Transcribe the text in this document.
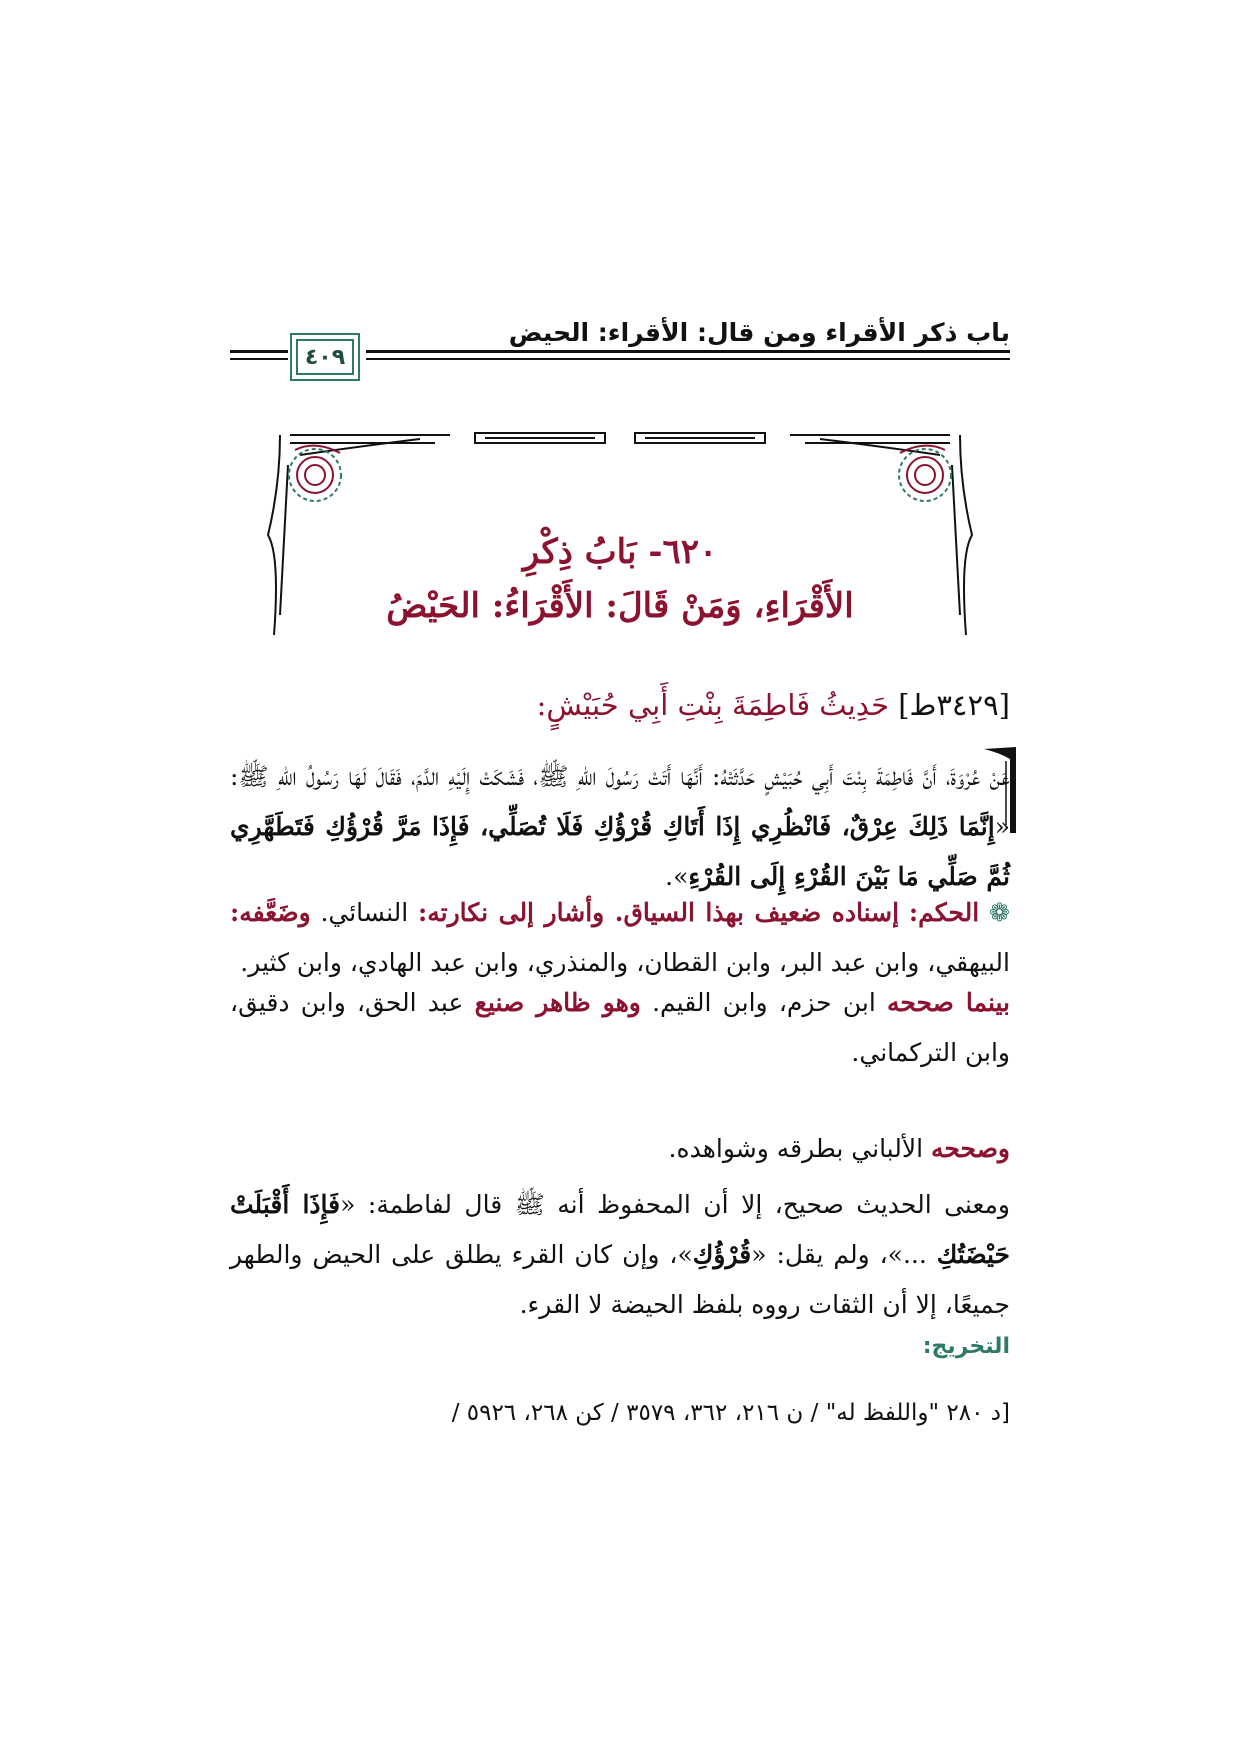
باب ذكر الأقراء ومن قال: الأقراء: الحيض
٤٠٩
٦٢٠- بَابُ ذِكْرِ
الأَقْرَاءِ، وَمَنْ قَالَ: الأَقْرَاءُ: الحَيْضُ
[٣٤٢٩ط] حَدِيثُ فَاطِمَةَ بِنْتِ أَبِي حُبَيْشٍ:
عَنْ عُرْوَةَ، أَنَّ فَاطِمَةَ بِنْتَ أَبِي حُبَيْشٍ حَدَّثَتْهُ: أَنَّهَا أَتَتْ رَسُولَ اللهِ ﷺ، فَشَكَتْ إِلَيْهِ الدَّمَ، فَقَالَ لَهَا رَسُولُ اللهِ ﷺ: «إِنَّمَا ذَلِكَ عِرْقٌ، فَانْظُرِي إِذَا أَتَاكِ قُرْؤُكِ فَلَا تُصَلِّي، فَإِذَا مَرَّ قُرْؤُكِ فَتَطَهَّرِي ثُمَّ صَلِّي مَا بَيْنَ القُرْءِ إِلَى القُرْءِ».
❁ الحكم: إسناده ضعيف بهذا السياق. وأشار إلى نكارته: النسائي. وضَعَّفه: البيهقي، وابن عبد البر، وابن القطان، والمنذري، وابن عبد الهادي، وابن كثير.
بينما صححه ابن حزم، وابن القيم. وهو ظاهر صنيع عبد الحق، وابن دقيق، وابن التركماني.
وصححه الألباني بطرقه وشواهده.
ومعنى الحديث صحيح، إلا أن المحفوظ أنه ﷺ قال لفاطمة: «فَإِذَا أَقْبَلَتْ حَيْضَتُكِ ...»، ولم يقل: «قُرْؤُكِ»، وإن كان القرء يطلق على الحيض والطهر جميعًا، إلا أن الثقات رووه بلفظ الحيضة لا القرء.
التخريج:
[د ٢٨٠ "واللفظ له" / ن ٢١٦، ٣٦٢، ٣٥٧٩ / كن ٢٦٨، ٥٩٢٦ /
